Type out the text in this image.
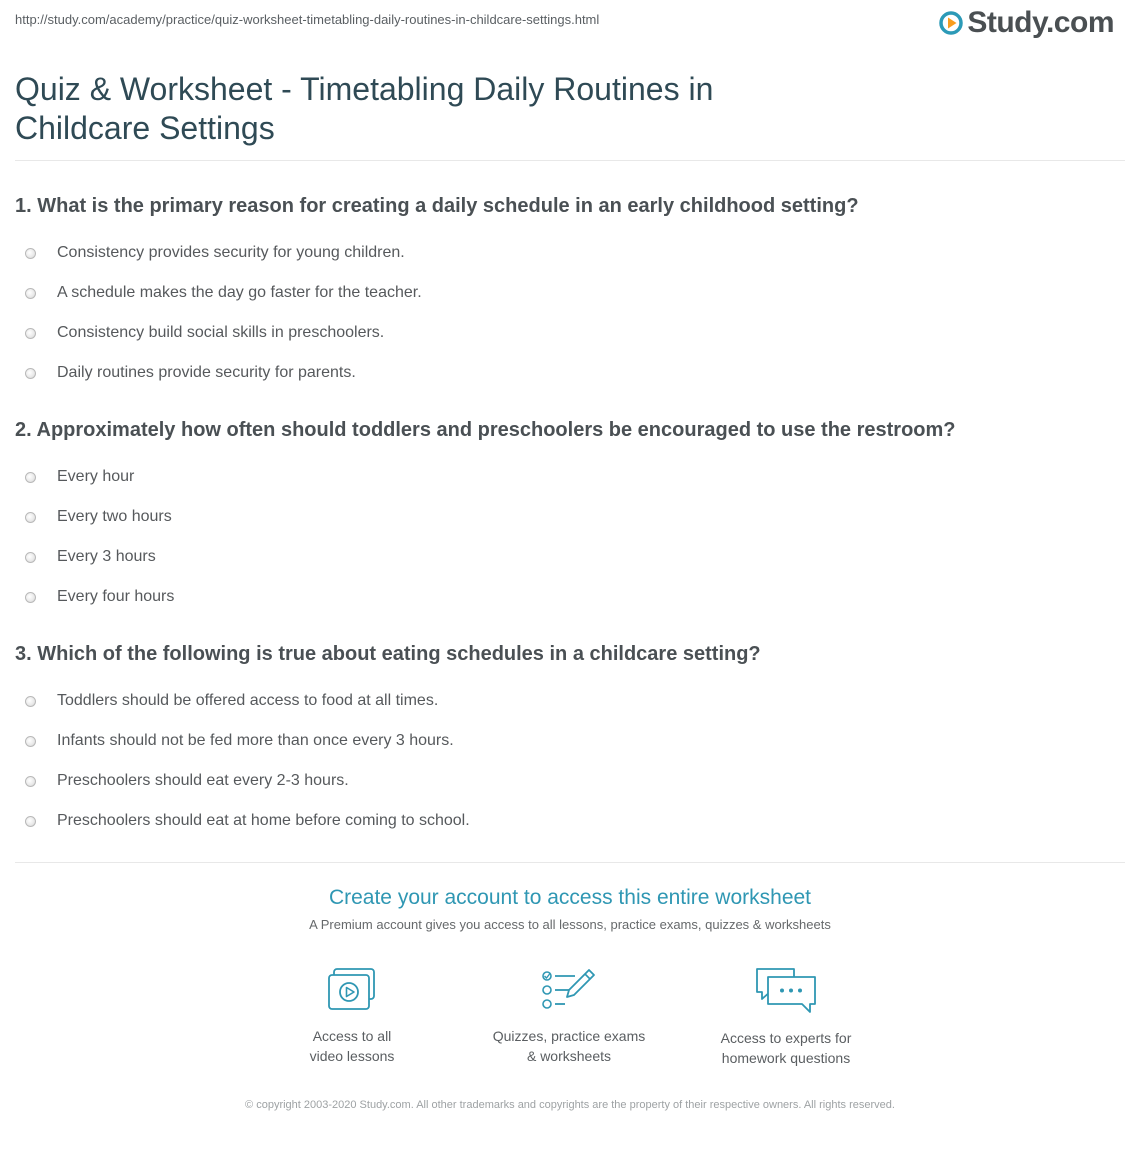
http://study.com/academy/practice/quiz-worksheet-timetabling-daily-routines-in-childcare-settings.html	Study.com
Quiz & Worksheet - Timetabling Daily Routines in Childcare Settings

1. What is the primary reason for creating a daily schedule in an early childhood setting?

Consistency provides security for young children.
A schedule makes the day go faster for the teacher.
Consistency build social skills in preschoolers.
Daily routines provide security for parents.

2. Approximately how often should toddlers and preschoolers be encouraged to use the restroom?

Every hour
Every two hours
Every 3 hours
Every four hours

3. Which of the following is true about eating schedules in a childcare setting?

Toddlers should be offered access to food at all times.
Infants should not be fed more than once every 3 hours.
Preschoolers should eat every 2-3 hours.
Preschoolers should eat at home before coming to school.
Create your account to access this entire worksheet
A Premium account gives you access to all lessons, practice exams, quizzes & worksheets
Access to all
video lessons
Quizzes, practice exams
& worksheets
Access to experts for
homework questions
© copyright 2003-2020 Study.com. All other trademarks and copyrights are the property of their respective owners. All rights reserved.
